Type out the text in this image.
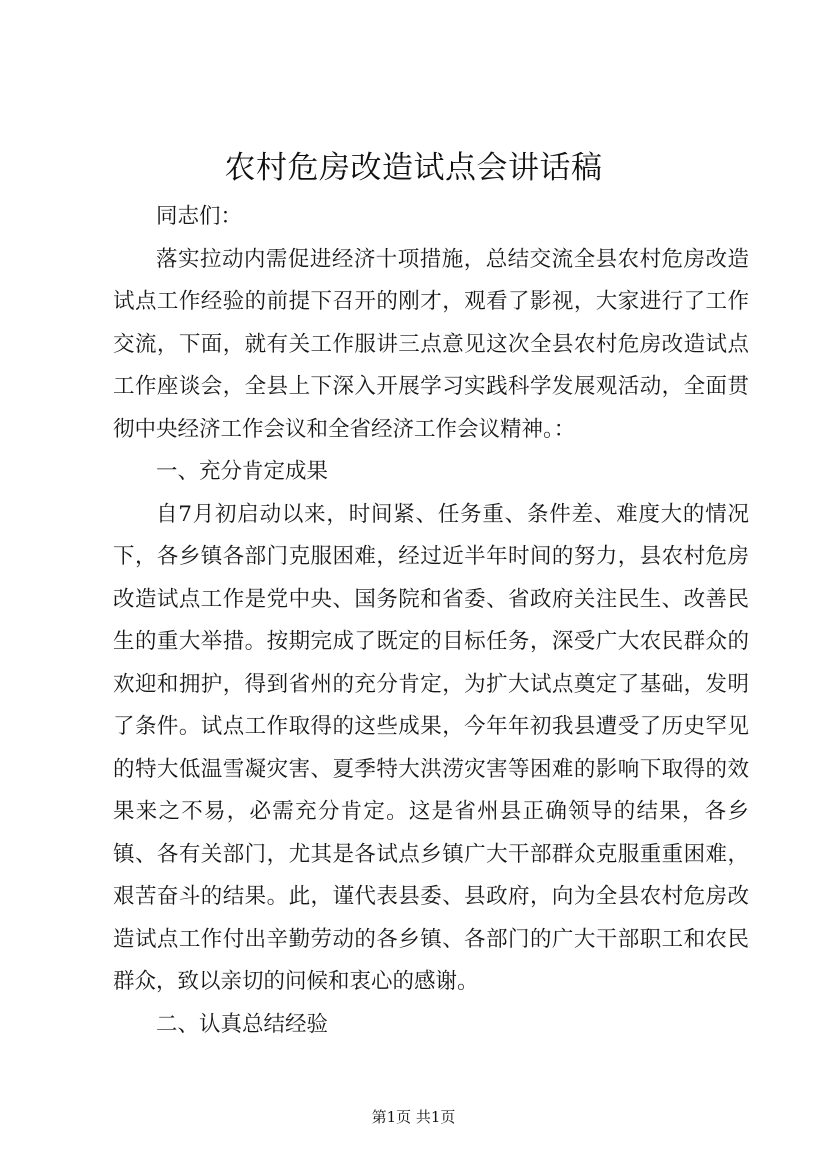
农村危房改造试点会讲话稿

同志们：

落实拉动内需促进经济十项措施，总结交流全县农村危房改造试点工作经验的前提下召开的刚才，观看了影视，大家进行了工作交流，下面，就有关工作服讲三点意见这次全县农村危房改造试点工作座谈会，全县上下深入开展学习实践科学发展观活动，全面贯彻中央经济工作会议和全省经济工作会议精神。：

一、充分肯定成果

自7月初启动以来，时间紧、任务重、条件差、难度大的情况下，各乡镇各部门克服困难，经过近半年时间的努力，县农村危房改造试点工作是党中央、国务院和省委、省政府关注民生、改善民生的重大举措。按期完成了既定的目标任务，深受广大农民群众的欢迎和拥护，得到省州的充分肯定，为扩大试点奠定了基础，发明了条件。试点工作取得的这些成果，今年年初我县遭受了历史罕见的特大低温雪凝灾害、夏季特大洪涝灾害等困难的影响下取得的效果来之不易，必需充分肯定。这是省州县正确领导的结果，各乡镇、各有关部门，尤其是各试点乡镇广大干部群众克服重重困难，艰苦奋斗的结果。此，谨代表县委、县政府，向为全县农村危房改造试点工作付出辛勤劳动的各乡镇、各部门的广大干部职工和农民群众，致以亲切的问候和衷心的感谢。

二、认真总结经验

第1页 共1页
